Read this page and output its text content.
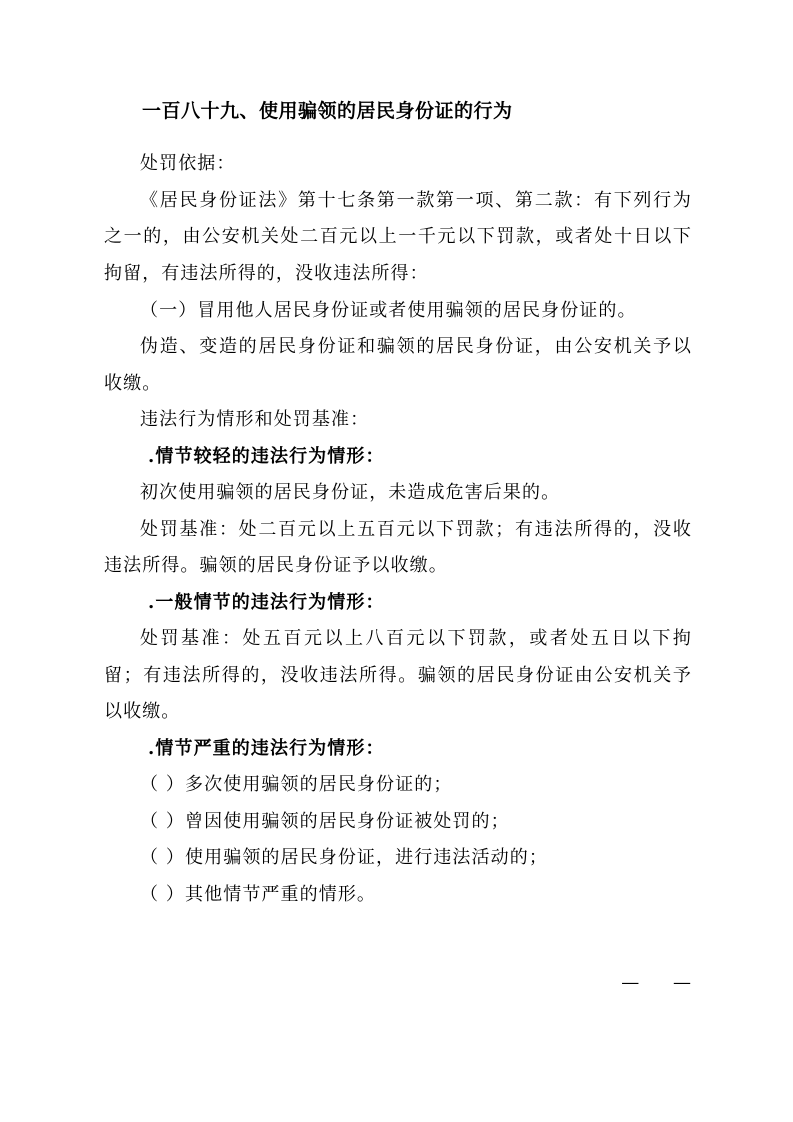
一百八十九、使用骗领的居民身份证的行为

处罚依据：

《居民身份证法》第十七条第一款第一项、第二款：有下列行为之一的，由公安机关处二百元以上一千元以下罚款，或者处十日以下拘留，有违法所得的，没收违法所得：

（一）冒用他人居民身份证或者使用骗领的居民身份证的。

伪造、变造的居民身份证和骗领的居民身份证，由公安机关予以收缴。

违法行为情形和处罚基准：

.情节较轻的违法行为情形：

初次使用骗领的居民身份证，未造成危害后果的。

处罚基准：处二百元以上五百元以下罚款；有违法所得的，没收违法所得。骗领的居民身份证予以收缴。

.一般情节的违法行为情形：

处罚基准：处五百元以上八百元以下罚款，或者处五日以下拘留；有违法所得的，没收违法所得。骗领的居民身份证由公安机关予以收缴。

.情节严重的违法行为情形：

（ ）多次使用骗领的居民身份证的；

（ ）曾因使用骗领的居民身份证被处罚的；

（ ）使用骗领的居民身份证，进行违法活动的；

（ ）其他情节严重的情形。

— —
